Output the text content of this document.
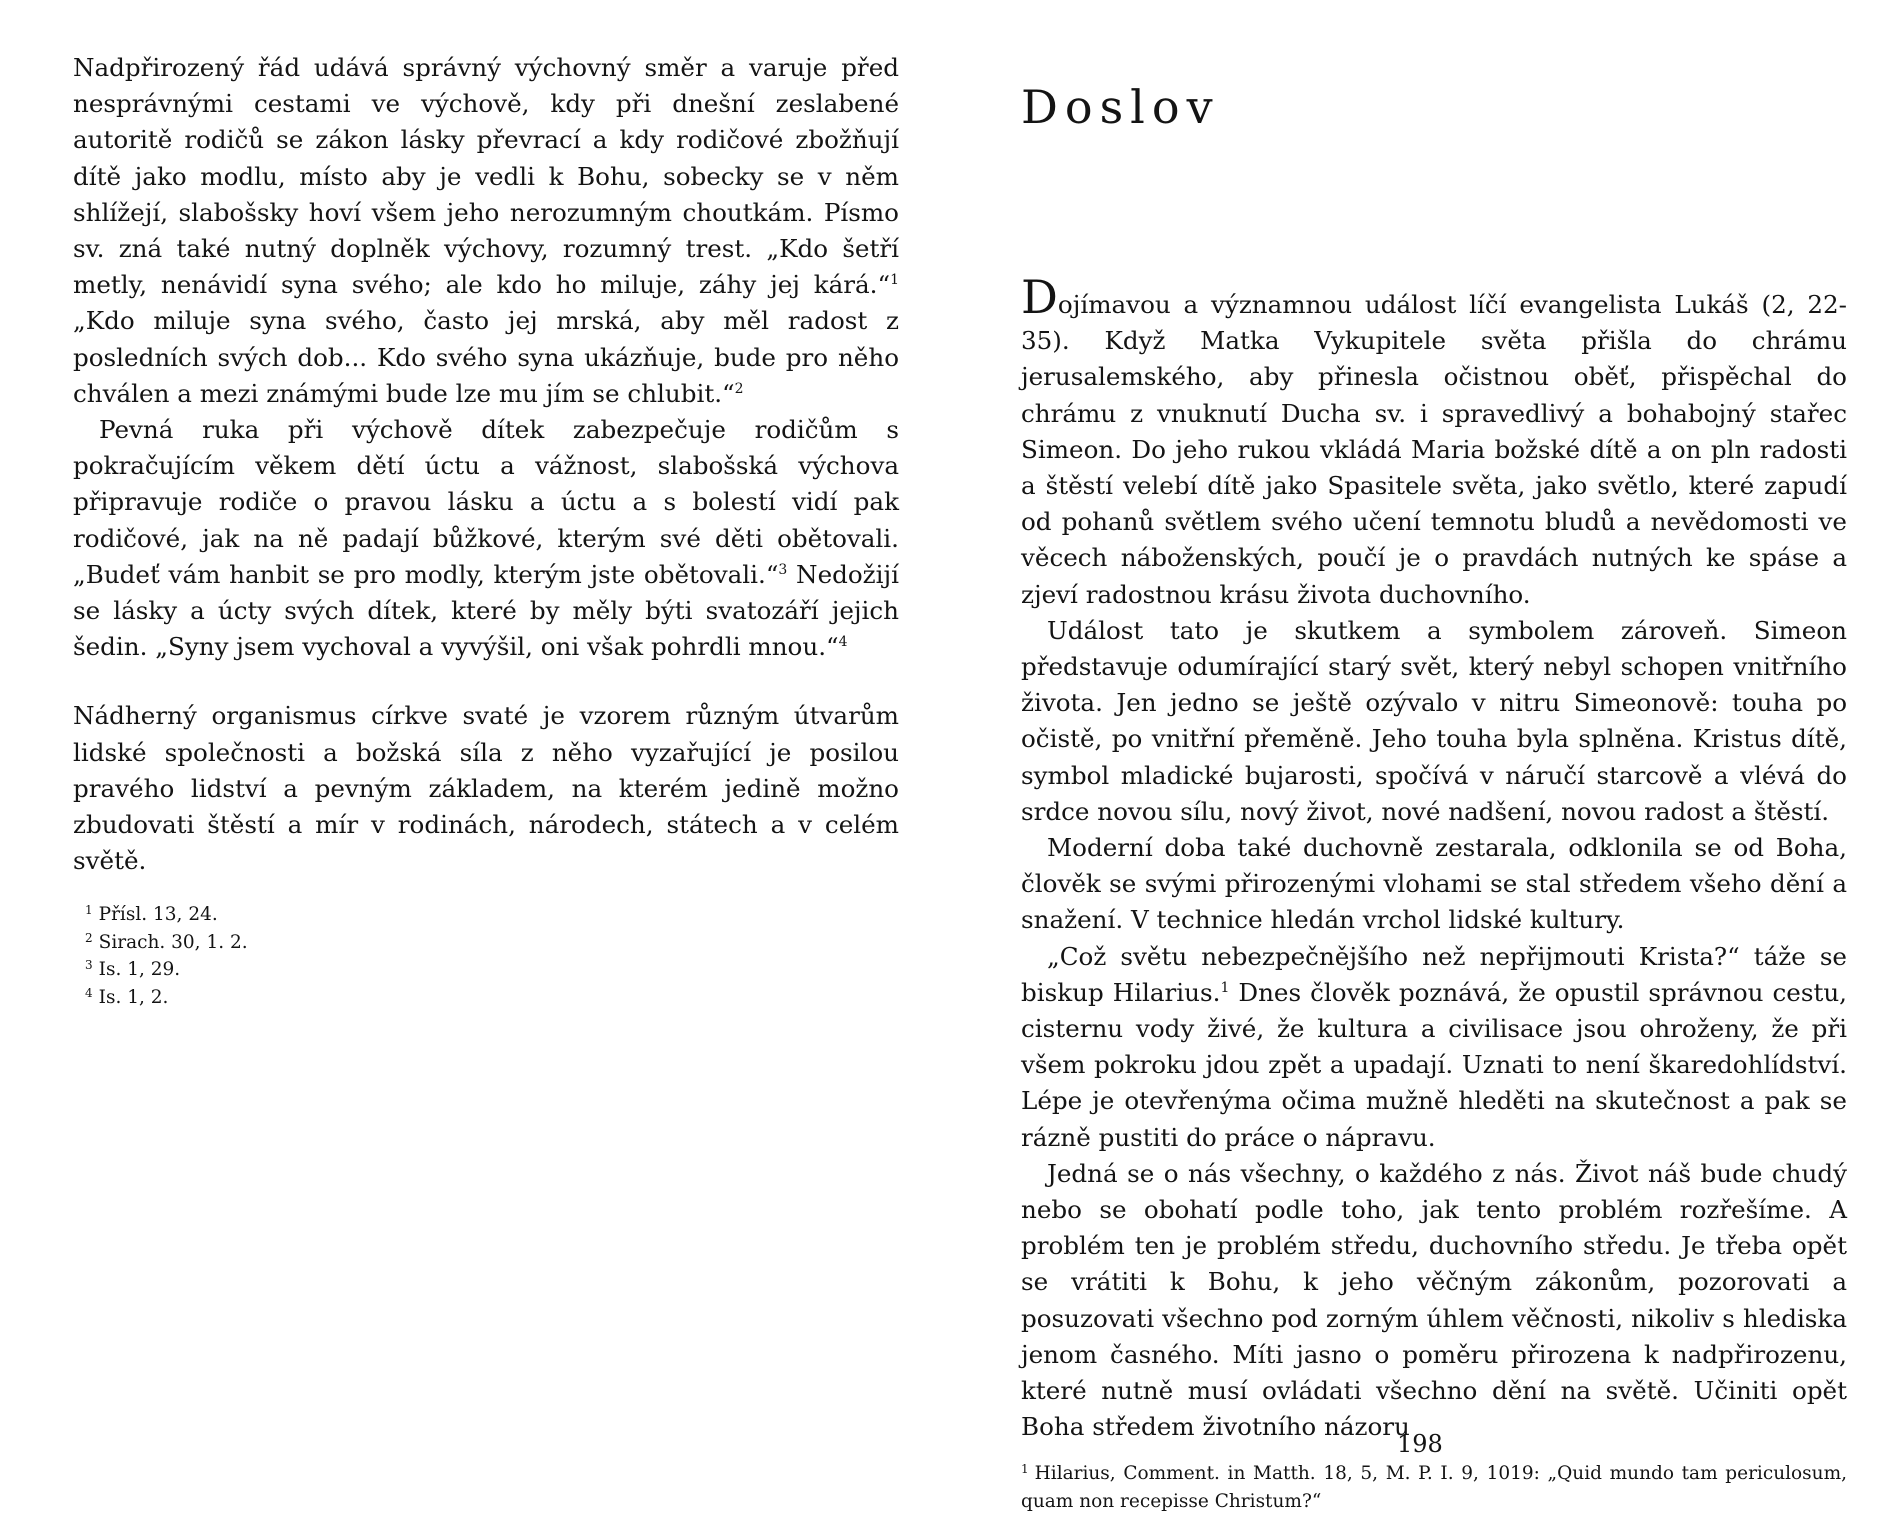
Nadpřirozený řád udává správný výchovný směr a varuje před nesprávnými cestami ve výchově, kdy při dnešní zeslabené autoritě rodičů se zákon lásky převrací a kdy rodičové zbožňují dítě jako modlu, místo aby je vedli k Bohu, sobecky se v něm shlížejí, slabošsky hoví všem jeho nerozumným choutkám. Písmo sv. zná také nutný doplněk výchovy, rozumný trest. „Kdo šetří metly, nenávidí syna svého; ale kdo ho miluje, záhy jej kárá.“$^1$ „Kdo miluje syna svého, často jej mrská, aby měl radost z posledních svých dob... Kdo svého syna ukázňuje, bude pro něho chválen a mezi známými bude lze mu jím se chlubit.“$^2$

Pevná ruka při výchově dítek zabezpečuje rodičům s pokračujícím věkem dětí úctu a vážnost, slabošská výchova připravuje rodiče o pravou lásku a úctu a s bolestí vidí pak rodičové, jak na ně padají bůžkové, kterým své děti obětovali. „Budeť vám hanbit se pro modly, kterým jste obětovali.“$^3$ Nedožijí se lásky a úcty svých dítek, které by měly býti svatozáří jejich šedin. „Syny jsem vychoval a vyvýšil, oni však pohrdli mnou.“$^4$

Nádherný organismus církve svaté je vzorem různým útvarům lidské společnosti a božská síla z něho vyzařující je posilou pravého lidství a pevným základem, na kterém jedině možno zbudovati štěstí a mír v rodinách, národech, státech a v celém světě.

$^1$ Přísl. 13, 24.
$^2$ Sirach. 30, 1. 2.
$^3$ Is. 1, 29.
$^4$ Is. 1, 2.
Doslov

Dojímavou a významnou událost líčí evangelista Lukáš (2, 22-35). Když Matka Vykupitele světa přišla do chrámu jerusalemského, aby přinesla očistnou oběť, přispěchal do chrámu z vnuknutí Ducha sv. i spravedlivý a bohabojný stařec Simeon. Do jeho rukou vkládá Maria božské dítě a on pln radosti a štěstí velebí dítě jako Spasitele světa, jako světlo, které zapudí od pohanů světlem svého učení temnotu bludů a nevědomosti ve věcech náboženských, poučí je o pravdách nutných ke spáse a zjeví radostnou krásu života duchovního.

Událost tato je skutkem a symbolem zároveň. Simeon představuje odumírající starý svět, který nebyl schopen vnitřního života. Jen jedno se ještě ozývalo v nitru Simeonově: touha po očistě, po vnitřní přeměně. Jeho touha byla splněna. Kristus dítě, symbol mladické bujarosti, spočívá v náručí starcově a vlévá do srdce novou sílu, nový život, nové nadšení, novou radost a štěstí.

Moderní doba také duchovně zestarala, odklonila se od Boha, člověk se svými přirozenými vlohami se stal středem všeho dění a snažení. V technice hledán vrchol lidské kultury.

„Což světu nebezpečnějšího než nepřijmouti Krista?“ táže se biskup Hilarius.$^1$ Dnes člověk poznává, že opustil správnou cestu, cisternu vody živé, že kultura a civilisace jsou ohroženy, že při všem pokroku jdou zpět a upadají. Uznati to není škaredohlídství. Lépe je otevřenýma očima mužně hleděti na skutečnost a pak se rázně pustiti do práce o nápravu.

Jedná se o nás všechny, o každého z nás. Život náš bude chudý nebo se obohatí podle toho, jak tento problém rozřešíme. A problém ten je problém středu, duchovního středu. Je třeba opět se vrátiti k Bohu, k jeho věčným zákonům, pozorovati a posuzovati všechno pod zorným úhlem věčnosti, nikoliv s hlediska jenom časného. Míti jasno o poměru přirozena k nadpřirozenu, které nutně musí ovládati všechno dění na světě. Učiniti opět Boha středem životního názoru

$^1$ Hilarius, Comment. in Matth. 18, 5, M. P. I. 9, 1019: „Quid mundo tam periculosum, quam non recepisse Christum?“
198
